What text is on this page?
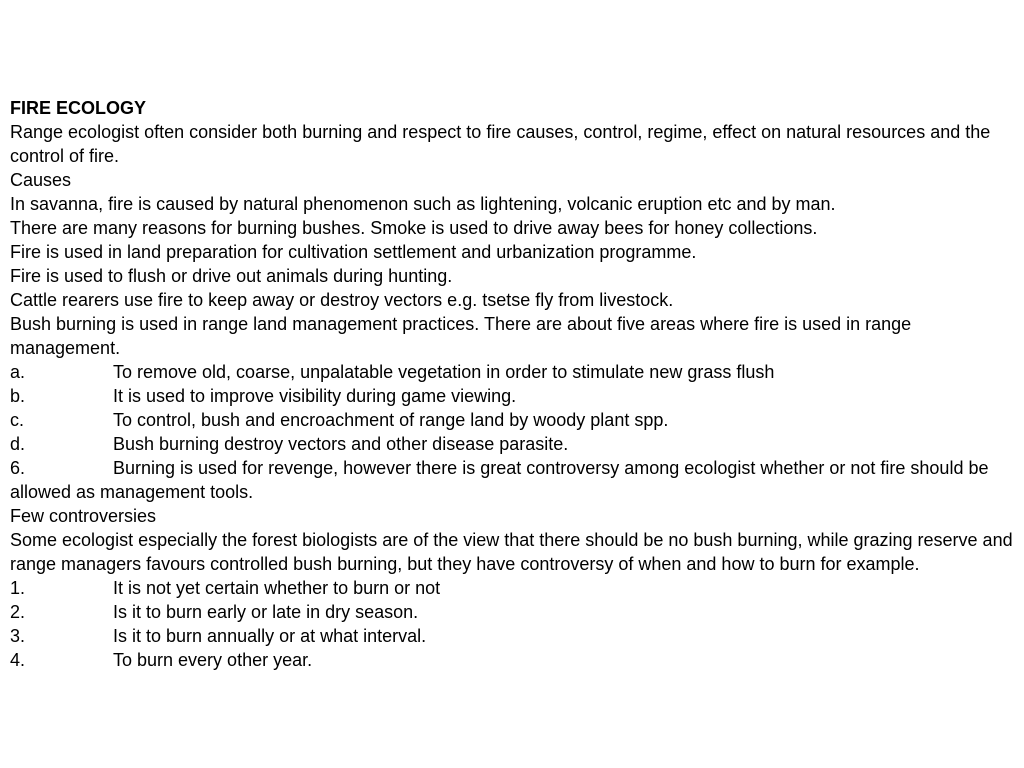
FIRE ECOLOGY

Range ecologist often consider both burning and respect to fire causes, control, regime, effect on natural resources and the control of fire.

Causes

In savanna, fire is caused by natural phenomenon such as lightening, volcanic eruption etc and by man.

There are many reasons for burning bushes. Smoke is used to drive away bees for honey collections.

Fire is used in land preparation for cultivation settlement and urbanization programme.

Fire is used to flush or drive out animals during hunting.

Cattle rearers use fire to keep away or destroy vectors e.g. tsetse fly from livestock.

Bush burning is used in range land management practices. There are about five areas where fire is used in range management.

a.	To remove old, coarse, unpalatable vegetation in order to stimulate new grass flush

b.	It is used to improve visibility during game viewing.

c.	To control, bush and encroachment of range land by woody plant spp.

d.	Bush burning destroy vectors and other disease parasite.

6.	Burning is used for revenge, however there is great controversy among ecologist whether or not fire should be allowed as management tools.

Few controversies

Some ecologist especially the forest biologists are of the view that there should be no bush burning, while grazing reserve and range managers favours controlled bush burning, but they have controversy of when and how to burn for example.

1.	It is not yet certain whether to burn or not

2.	Is it to burn early or late in dry season.

3.	Is it to burn annually or at what interval.

4.	To burn every other year.
